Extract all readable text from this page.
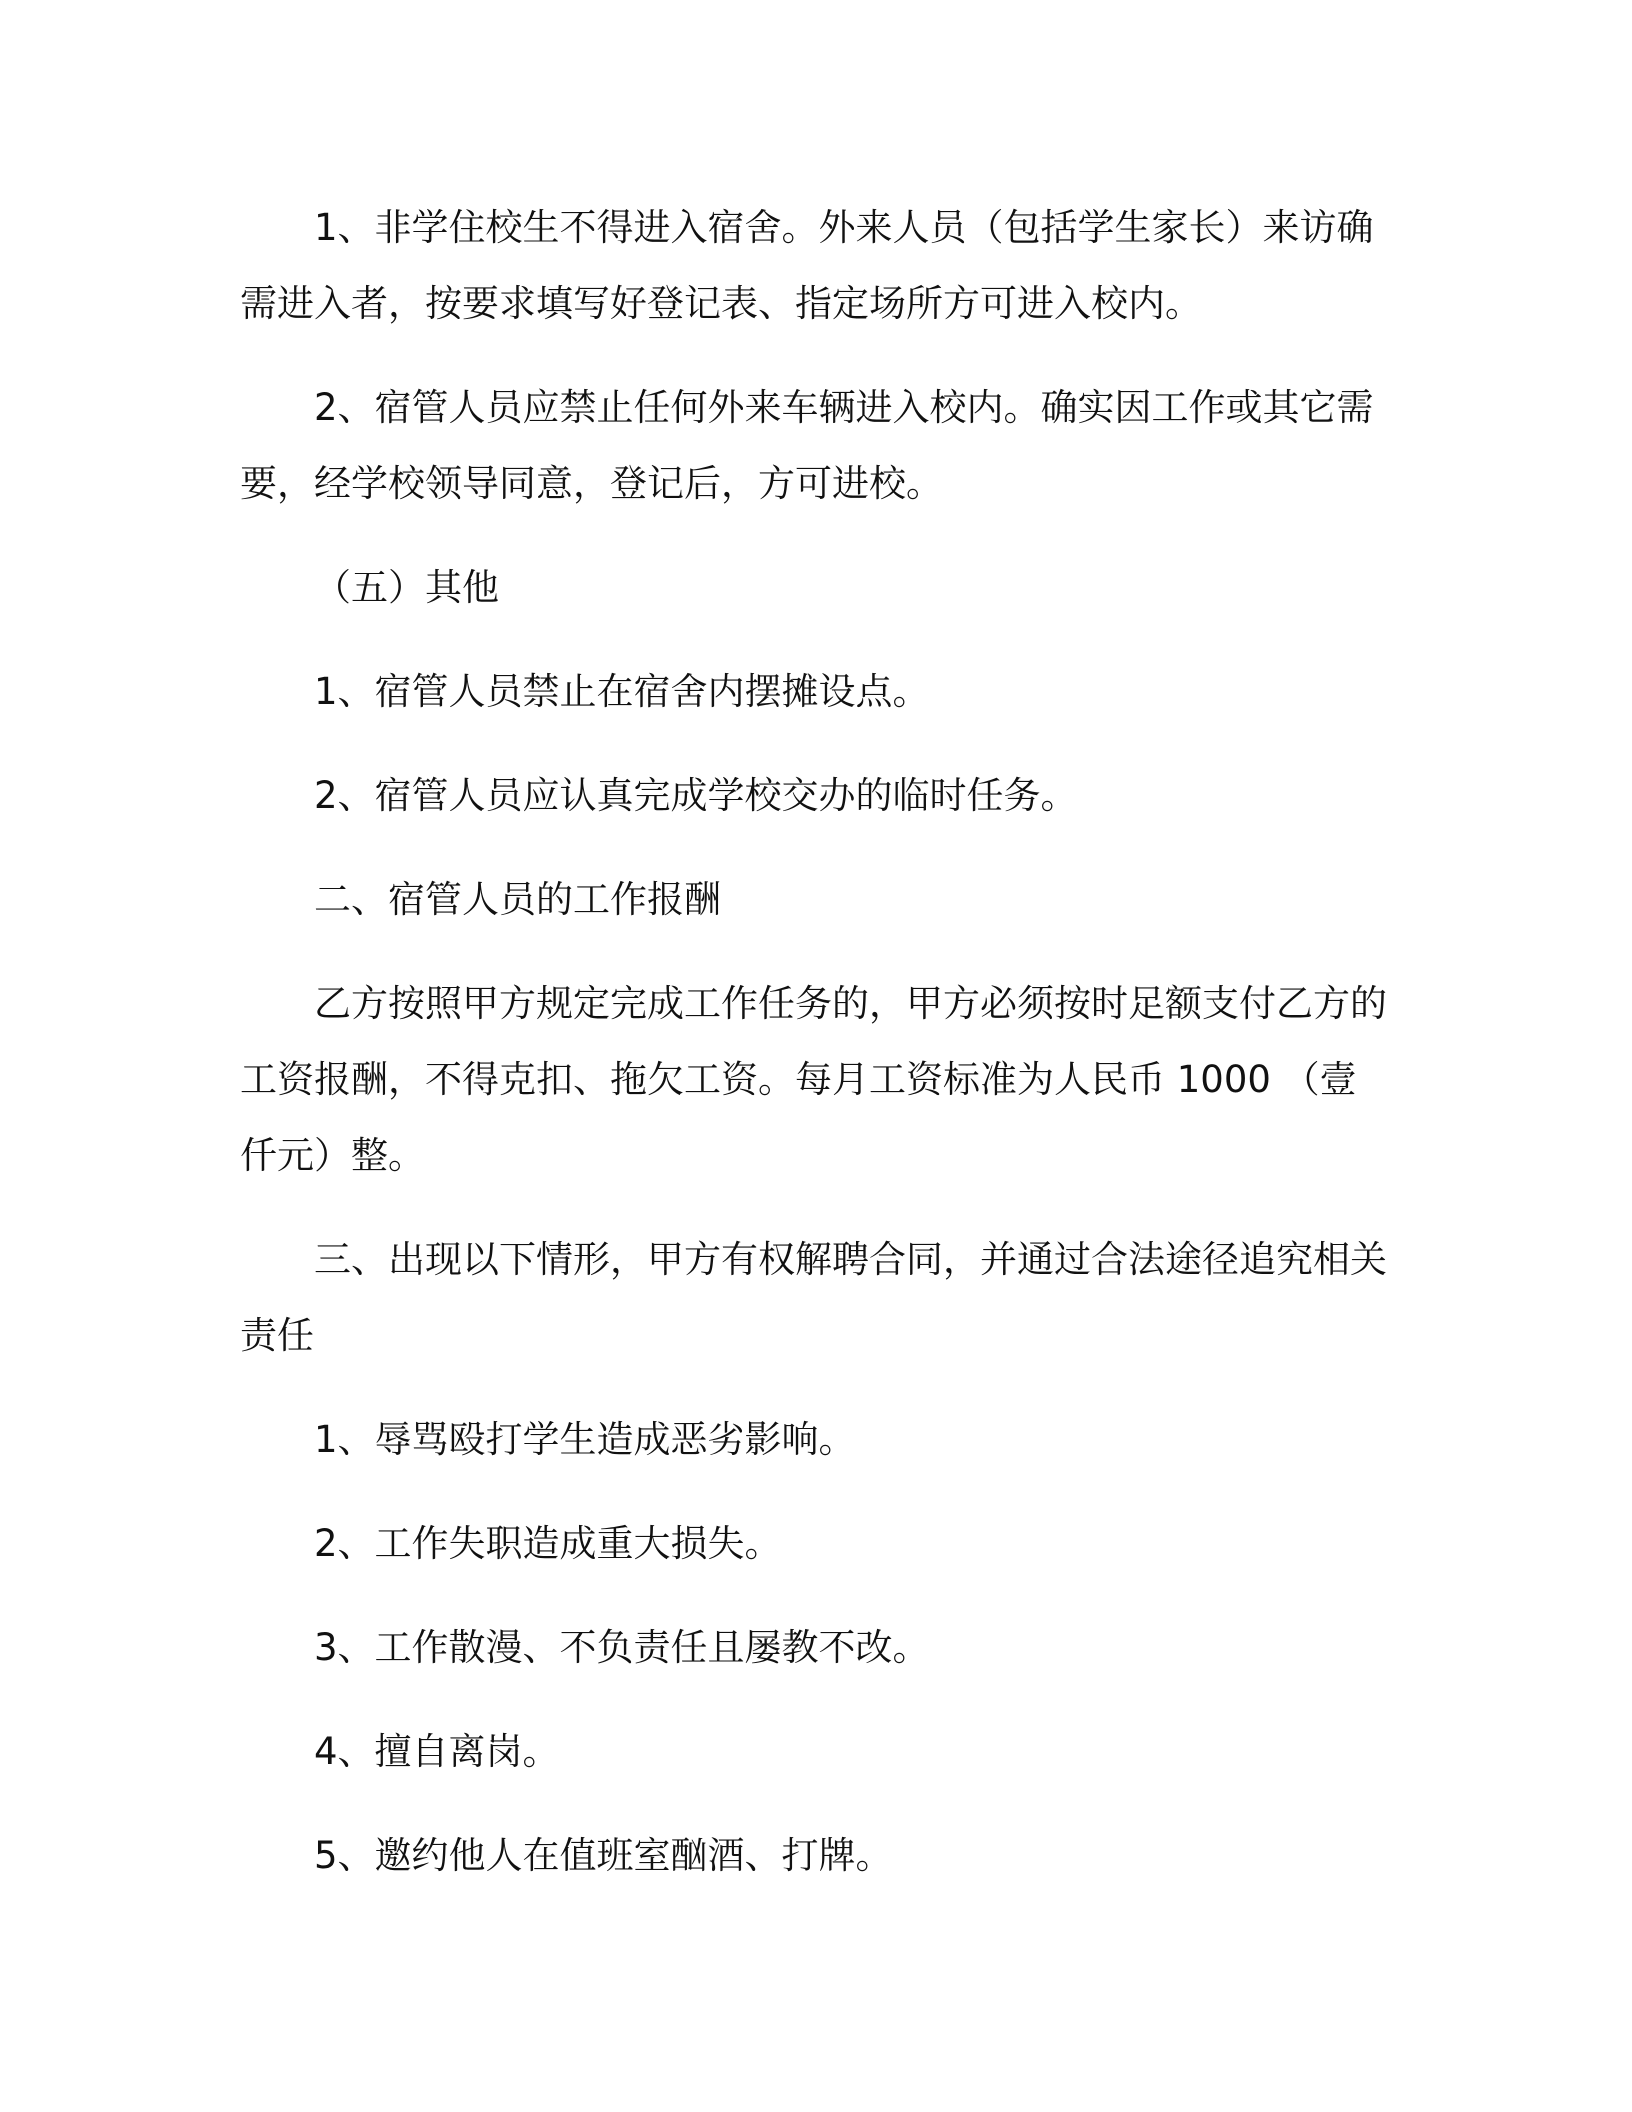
1、非学住校生不得进入宿舍。外来人员（包括学生家长）来访确需进入者，按要求填写好登记表、指定场所方可进入校内。

2、宿管人员应禁止任何外来车辆进入校内。确实因工作或其它需要，经学校领导同意，登记后，方可进校。

（五）其他

1、宿管人员禁止在宿舍内摆摊设点。

2、宿管人员应认真完成学校交办的临时任务。

二、宿管人员的工作报酬

乙方按照甲方规定完成工作任务的，甲方必须按时足额支付乙方的工资报酬，不得克扣、拖欠工资。每月工资标准为人民币 1000 （壹仟元）整。

三、出现以下情形，甲方有权解聘合同，并通过合法途径追究相关责任

1、辱骂殴打学生造成恶劣影响。

2、工作失职造成重大损失。

3、工作散漫、不负责任且屡教不改。

4、擅自离岗。

5、邀约他人在值班室酗酒、打牌。
